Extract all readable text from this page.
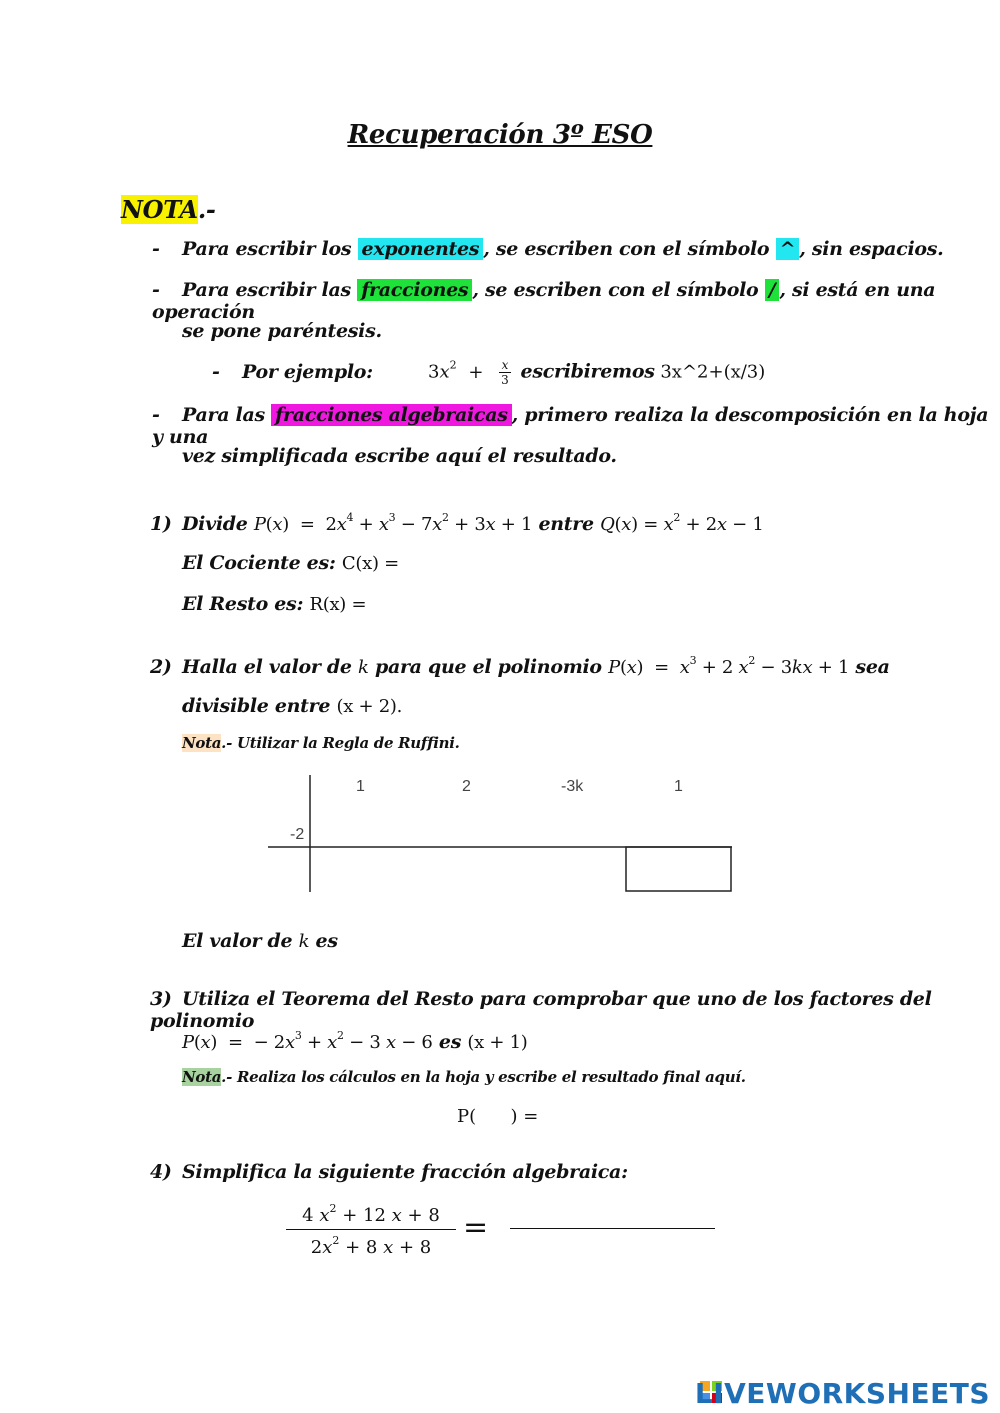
Recuperación 3º ESO
NOTA.-
- Para escribir los exponentes , se escriben con el símbolo ^ , sin espacios.
- Para escribir las fracciones , se escriben con el símbolo / , si está en una operación
se pone paréntesis.
- Por ejemplo:	$3x^2 + \frac{x}{3}$ escribiremos 3x^2+(x/3)
- Para las fracciones algebraicas , primero realiza la descomposición en la hoja y una
vez simplificada escribe aquí el resultado.
1) Divide $P(x) = 2x^4 + x^3 - 7x^2 + 3x + 1$ entre $Q(x) = x^2 + 2x - 1$
El Cociente es: C(x) =
El Resto es: R(x) =
2) Halla el valor de k para que el polinomio $P(x) = x^3 + 2$ $x^2 - 3kx + 1$ sea
divisible entre (x + 2).
Nota.- Utilizar la Regla de Ruffini.
1	2	-3k	1
-2
El valor de k es
3) Utiliza el Teorema del Resto para comprobar que uno de los factores del polinomio
P(x)  =  − $2x^3 + x^2 - 3$ x − 6 es (x + 1)
Nota.- Realiza los cálculos en la hoja y escribe el resultado final aquí.
P(      ) =
4) Simplifica la siguiente fracción algebraica:
$\frac{4 x^2 + 12 x + 8}{2x^2 + 8 x + 8}$ =
LIVEWORKSHEETS
